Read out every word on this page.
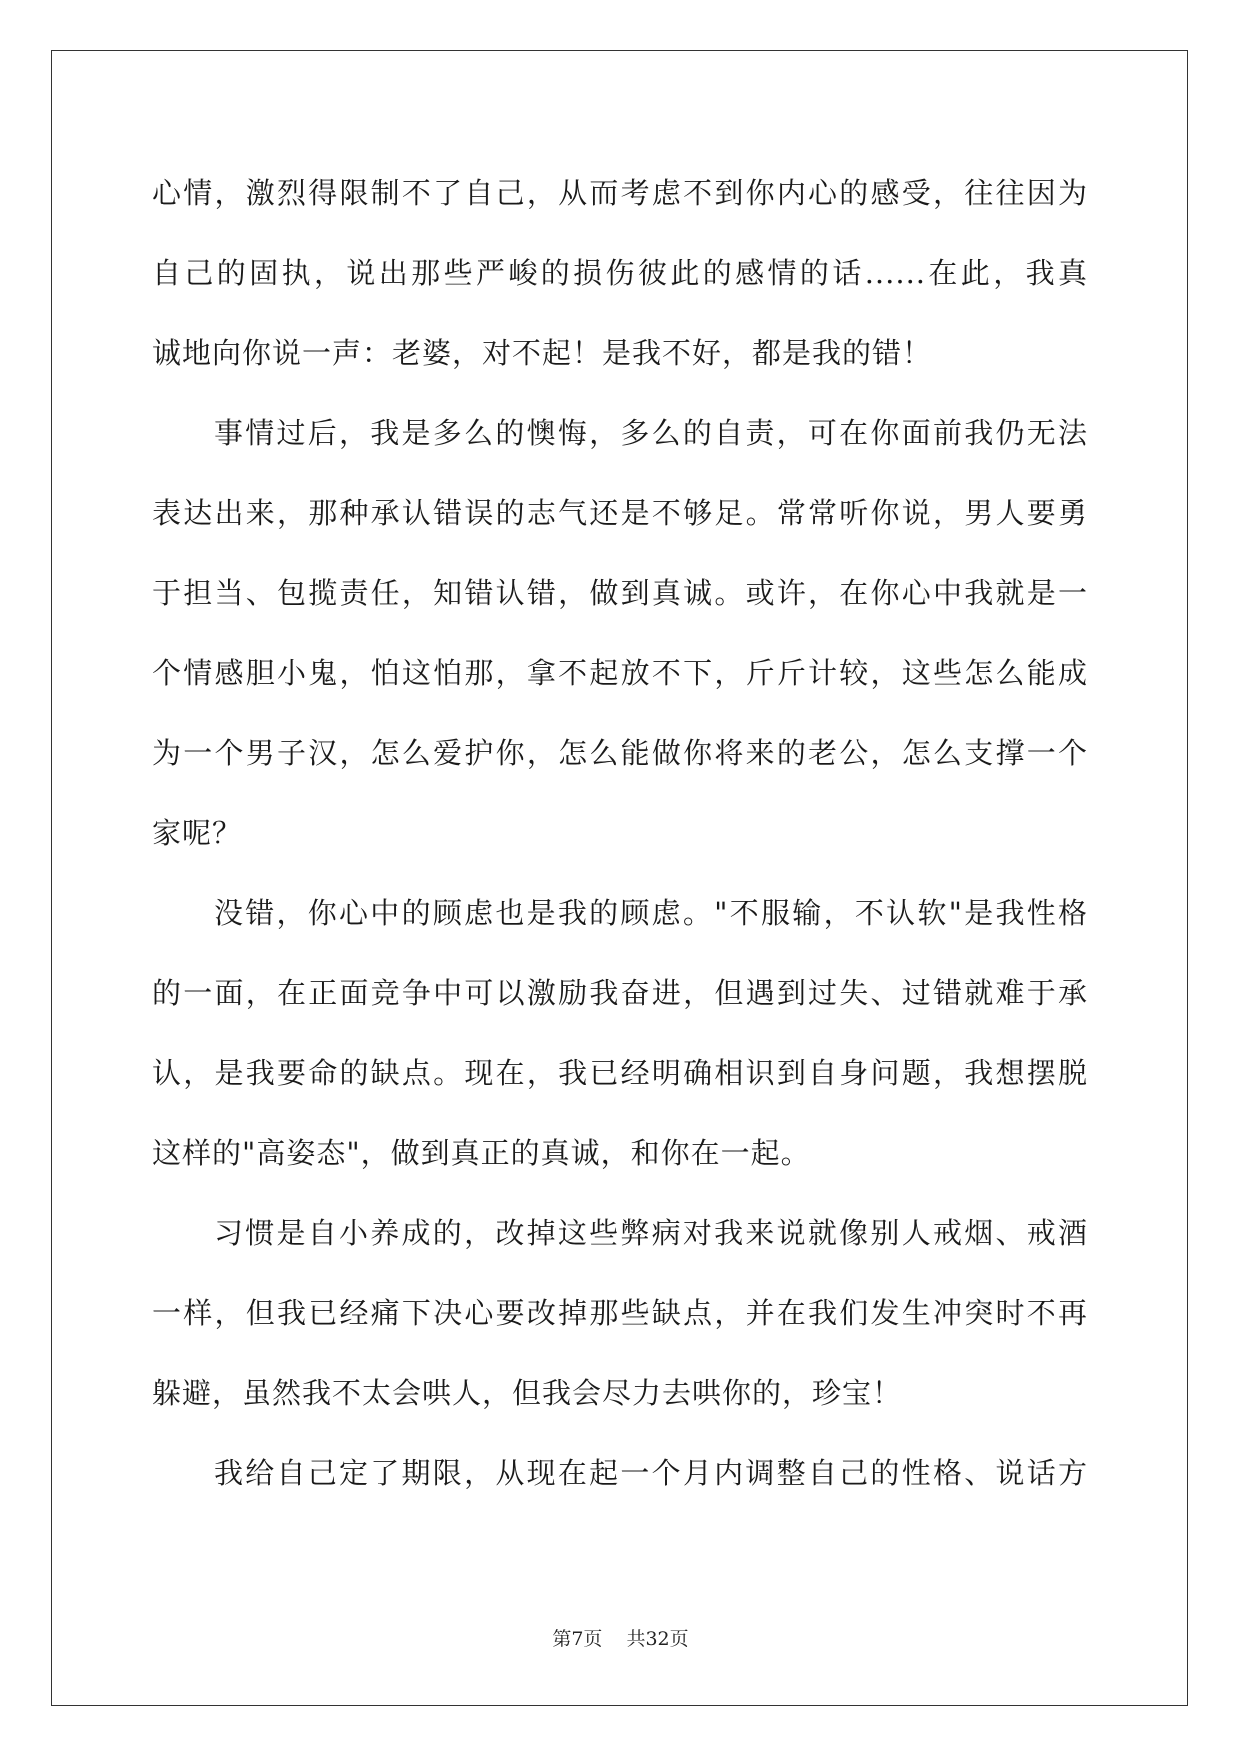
心情，激烈得限制不了自己，从而考虑不到你内心的感受，往往因为
自己的固执，说出那些严峻的损伤彼此的感情的话......在此，我真
诚地向你说一声：老婆，对不起！是我不好，都是我的错！
事情过后，我是多么的懊悔，多么的自责，可在你面前我仍无法
表达出来，那种承认错误的志气还是不够足。常常听你说，男人要勇
于担当、包揽责任，知错认错，做到真诚。或许，在你心中我就是一
个情感胆小鬼，怕这怕那，拿不起放不下，斤斤计较，这些怎么能成
为一个男子汉，怎么爱护你，怎么能做你将来的老公，怎么支撑一个
家呢？
没错，你心中的顾虑也是我的顾虑。"不服输，不认软"是我性格
的一面，在正面竞争中可以激励我奋进，但遇到过失、过错就难于承
认，是我要命的缺点。现在，我已经明确相识到自身问题，我想摆脱
这样的"高姿态"，做到真正的真诚，和你在一起。
习惯是自小养成的，改掉这些弊病对我来说就像别人戒烟、戒酒
一样，但我已经痛下决心要改掉那些缺点，并在我们发生冲突时不再
躲避，虽然我不太会哄人，但我会尽力去哄你的，珍宝！
我给自己定了期限，从现在起一个月内调整自己的性格、说话方
第7页 共32页
